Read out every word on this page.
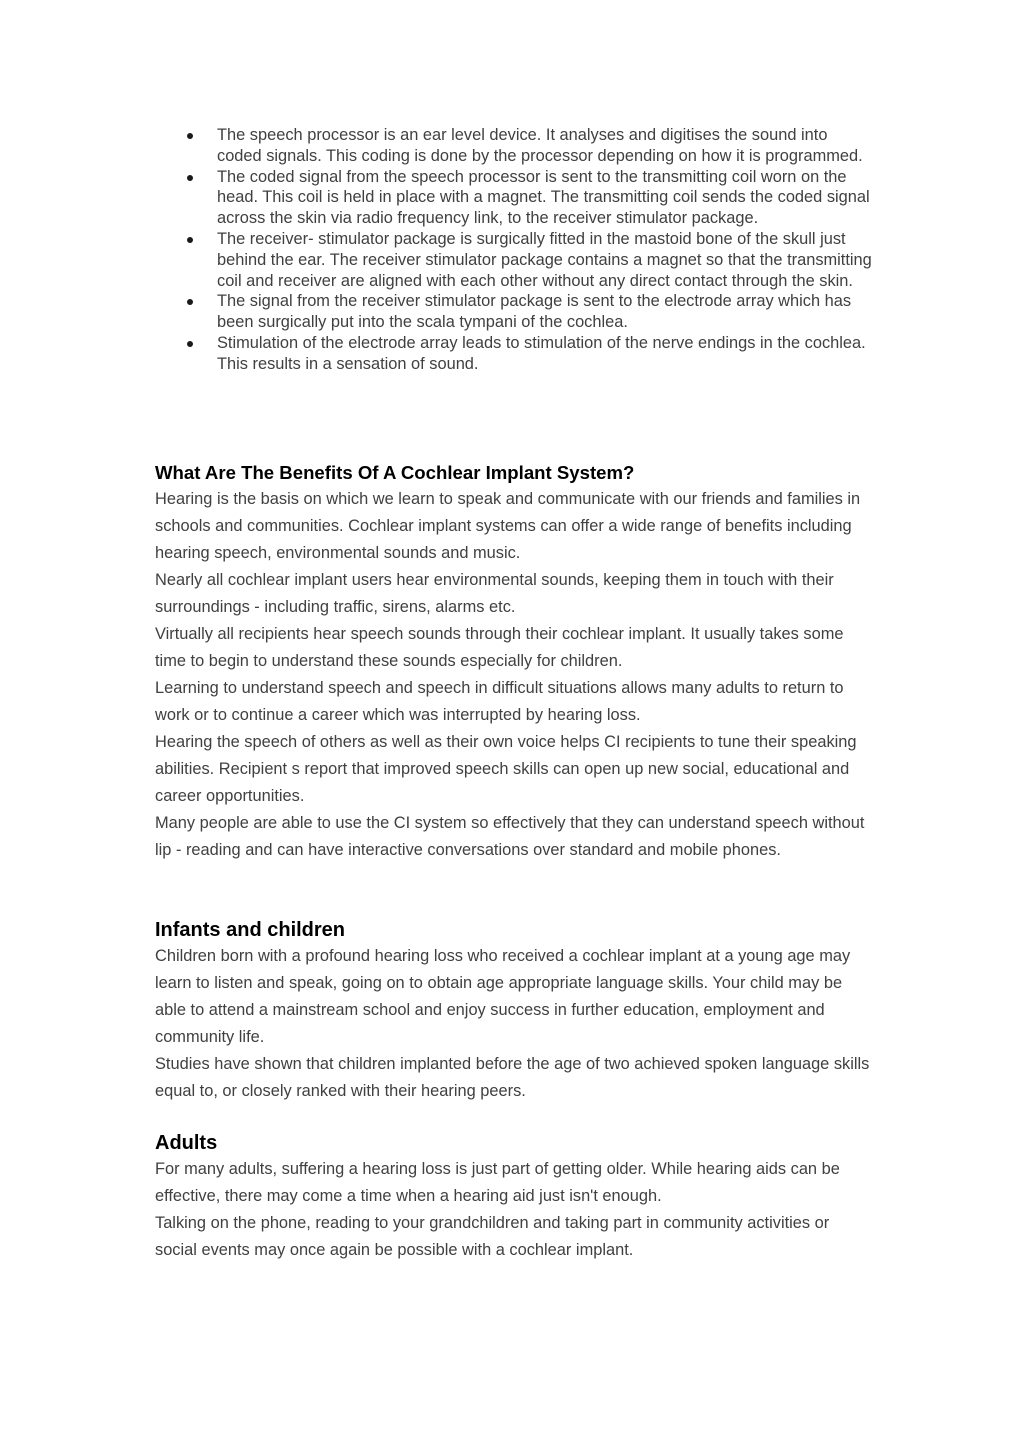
The speech processor is an ear level device. It analyses and digitises the sound into coded signals. This coding is done by the processor depending on how it is programmed.
The coded signal from the speech processor is sent to the transmitting coil worn on the head. This coil is held in place with a magnet. The transmitting coil sends the coded signal across the skin via radio frequency link, to the receiver stimulator package.
The receiver- stimulator package is surgically fitted in the mastoid bone of the skull just behind the ear. The receiver stimulator package contains a magnet so that the transmitting coil and receiver are aligned with each other without any direct contact through the skin.
The signal from the receiver stimulator package is sent to the electrode array which has been surgically put into the scala tympani of the cochlea.
Stimulation of the electrode array leads to stimulation of the nerve endings in the cochlea. This results in a sensation of sound.
What Are The Benefits Of A Cochlear Implant System?

Hearing is the basis on which we learn to speak and communicate with our friends and families in schools and communities. Cochlear implant systems can offer a wide range of benefits including hearing speech, environmental sounds and music.

Nearly all cochlear implant users hear environmental sounds, keeping them in touch with their surroundings - including traffic, sirens, alarms etc.

Virtually all recipients hear speech sounds through their cochlear implant. It usually takes some time to begin to understand these sounds especially for children.

Learning to understand speech and speech in difficult situations allows many adults to return to work or to continue a career which was interrupted by hearing loss.

Hearing the speech of others as well as their own voice helps CI recipients to tune their speaking abilities. Recipient s report that improved speech skills can open up new social, educational and career opportunities.

Many people are able to use the CI system so effectively that they can understand speech without lip - reading and can have interactive conversations over standard and mobile phones.

Infants and children

Children born with a profound hearing loss who received a cochlear implant at a young age may learn to listen and speak, going on to obtain age appropriate language skills. Your child may be able to attend a mainstream school and enjoy success in further education, employment and community life.

Studies have shown that children implanted before the age of two achieved spoken language skills equal to, or closely ranked with their hearing peers.

Adults

For many adults, suffering a hearing loss is just part of getting older. While hearing aids can be effective, there may come a time when a hearing aid just isn't enough.

Talking on the phone, reading to your grandchildren and taking part in community activities or social events may once again be possible with a cochlear implant.
